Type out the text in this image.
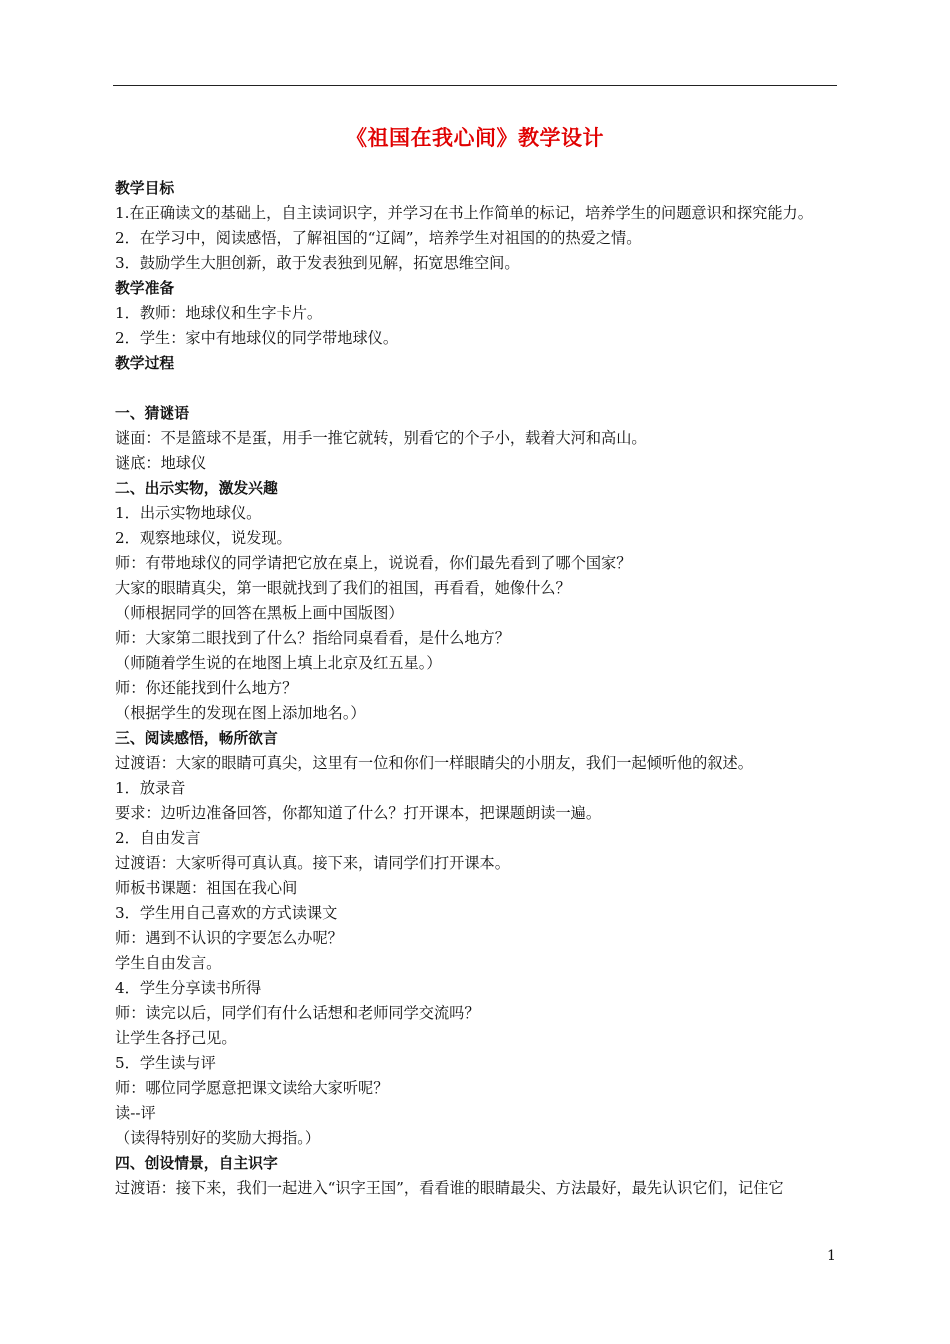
《祖国在我心间》教学设计
教学目标
1.在正确读文的基础上，自主读词识字，并学习在书上作简单的标记，培养学生的问题意识和探究能力。
2．在学习中，阅读感悟，了解祖国的“辽阔”，培养学生对祖国的的热爱之情。
3．鼓励学生大胆创新，敢于发表独到见解，拓宽思维空间。
教学准备
1．教师：地球仪和生字卡片。
2．学生：家中有地球仪的同学带地球仪。
教学过程
一、猜谜语
谜面：不是篮球不是蛋，用手一推它就转，别看它的个子小，载着大河和高山。
谜底：地球仪
二、出示实物，激发兴趣
1．出示实物地球仪。
2．观察地球仪，说发现。
师：有带地球仪的同学请把它放在桌上，说说看，你们最先看到了哪个国家？
大家的眼睛真尖，第一眼就找到了我们的祖国，再看看，她像什么？
（师根据同学的回答在黑板上画中国版图）
师：大家第二眼找到了什么？指给同桌看看，是什么地方？
（师随着学生说的在地图上填上北京及红五星。）
师：你还能找到什么地方？
（根据学生的发现在图上添加地名。）
三、阅读感悟，畅所欲言
过渡语：大家的眼睛可真尖，这里有一位和你们一样眼睛尖的小朋友，我们一起倾听他的叙述。
1．放录音
要求：边听边准备回答，你都知道了什么？打开课本，把课题朗读一遍。
2．自由发言
过渡语：大家听得可真认真。接下来，请同学们打开课本。
师板书课题：祖国在我心间
3．学生用自己喜欢的方式读课文
师：遇到不认识的字要怎么办呢？
学生自由发言。
4．学生分享读书所得
师：读完以后，同学们有什么话想和老师同学交流吗？
让学生各抒己见。
5．学生读与评
师：哪位同学愿意把课文读给大家听呢？
读--评
（读得特别好的奖励大拇指。）
四、创设情景，自主识字
过渡语：接下来，我们一起进入“识字王国”，看看谁的眼睛最尖、方法最好，最先认识它们，记住它
1
